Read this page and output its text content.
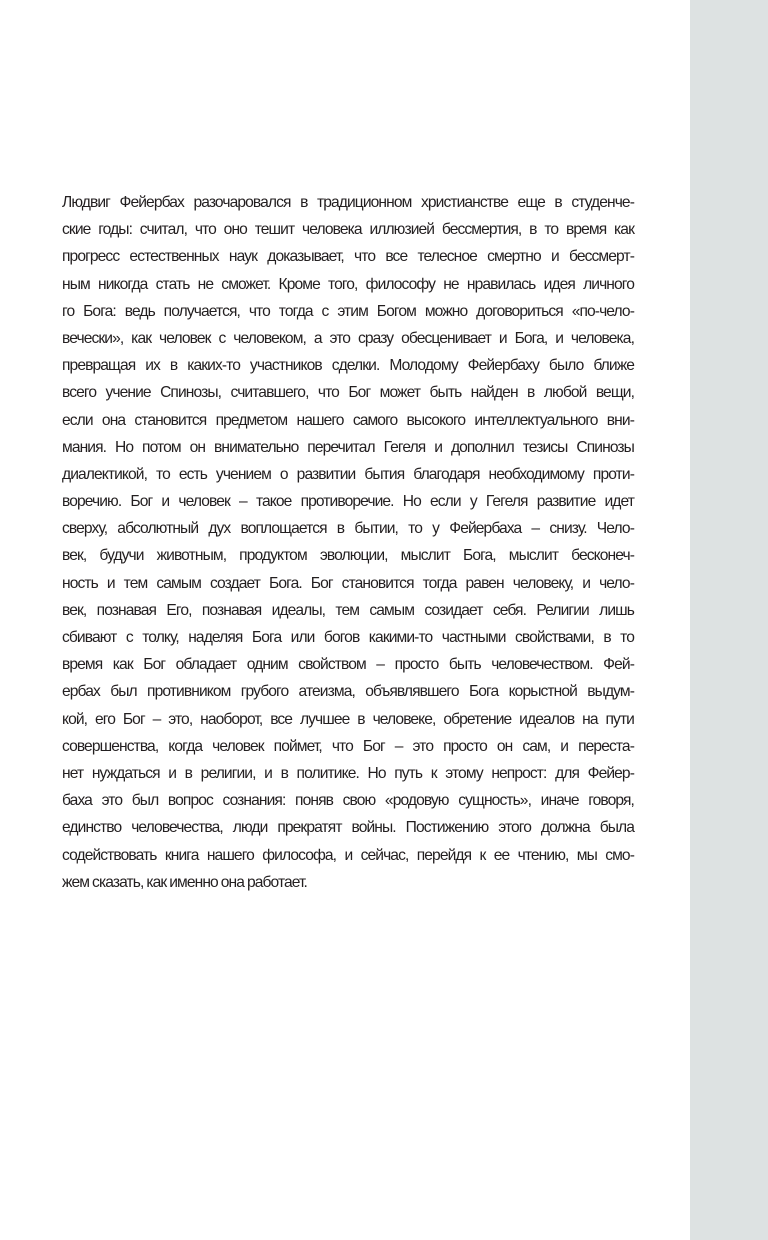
Людвиг Фейербах разочаровался в традиционном христианстве еще в студенче-
ские годы: считал, что оно тешит человека иллюзией бессмертия, в то время как
прогресс естественных наук доказывает, что все телесное смертно и бессмерт-
ным никогда стать не сможет. Кроме того, философу не нравилась идея личного
го Бога: ведь получается, что тогда с этим Богом можно договориться «по-чело-
вечески», как человек с человеком, а это сразу обесценивает и Бога, и человека,
превращая их в каких-то участников сделки. Молодому Фейербаху было ближе
всего учение Спинозы, считавшего, что Бог может быть найден в любой вещи,
если она становится предметом нашего самого высокого интеллектуального вни-
мания. Но потом он внимательно перечитал Гегеля и дополнил тезисы Спинозы
диалектикой, то есть учением о развитии бытия благодаря необходимому проти-
воречию. Бог и человек – такое противоречие. Но если у Гегеля развитие идет
сверху, абсолютный дух воплощается в бытии, то у Фейербаха – снизу. Чело-
век, будучи животным, продуктом эволюции, мыслит Бога, мыслит бесконеч-
ность и тем самым создает Бога. Бог становится тогда равен человеку, и чело-
век, познавая Его, познавая идеалы, тем самым созидает себя. Религии лишь
сбивают с толку, наделяя Бога или богов какими-то частными свойствами, в то
время как Бог обладает одним свойством – просто быть человечеством. Фей-
ербах был противником грубого атеизма, объявлявшего Бога корыстной выдум-
кой, его Бог – это, наоборот, все лучшее в человеке, обретение идеалов на пути
совершенства, когда человек поймет, что Бог – это просто он сам, и переста-
нет нуждаться и в религии, и в политике. Но путь к этому непрост: для Фейер-
баха это был вопрос сознания: поняв свою «родовую сущность», иначе говоря,
единство человечества, люди прекратят войны. Постижению этого должна была
содействовать книга нашего философа, и сейчас, перейдя к ее чтению, мы смо-
жем сказать, как именно она работает.
